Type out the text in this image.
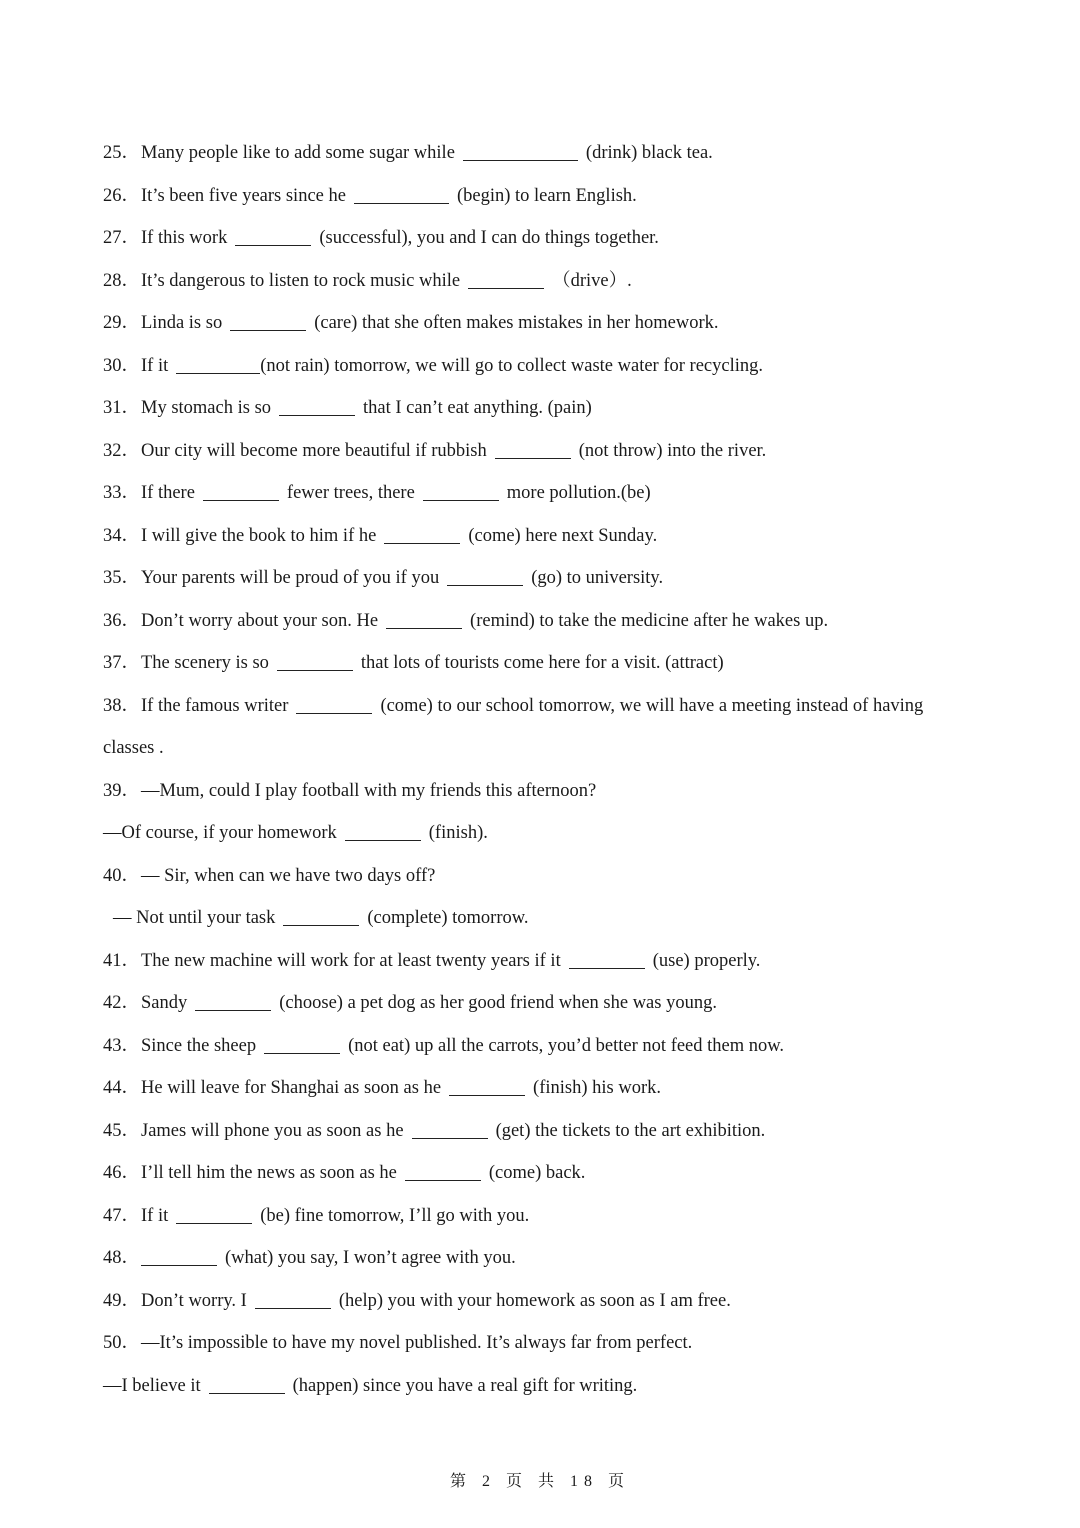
25．Many people like to add some sugar while	(drink) black tea.
26．It’s been five years since he	(begin) to learn English.
27．If this work	(successful), you and I can do things together.
28．It’s dangerous to listen to rock music while	（drive）.
29．Linda is so	(care) that she often makes mistakes in her homework.
30．If it	(not rain) tomorrow, we will go to collect waste water for recycling.
31．My stomach is so	that I can’t eat anything. (pain)
32．Our city will become more beautiful if rubbish	(not throw) into the river.
33．If there	fewer trees, there	more pollution.(be)
34．I will give the book to him if he	(come) here next Sunday.
35．Your parents will be proud of you if you	(go) to university.
36．Don’t worry about your son. He	(remind) to take the medicine after he wakes up.
37．The scenery is so	that lots of tourists come here for a visit. (attract)
38．If the famous writer	(come) to our school tomorrow, we will have a meeting instead of having
classes .
39．—Mum, could I play football with my friends this afternoon?
—Of course, if your homework	(finish).
40．— Sir, when can we have two days off?
— Not until your task	(complete) tomorrow.
41．The new machine will work for at least twenty years if it	(use) properly.
42．Sandy	(choose) a pet dog as her good friend when she was young.
43．Since the sheep	(not eat) up all the carrots, you’d better not feed them now.
44．He will leave for Shanghai as soon as he	(finish) his work.
45．James will phone you as soon as he	(get) the tickets to the art exhibition.
46．I’ll tell him the news as soon as he	(come) back.
47．If it	(be) fine tomorrow, I’ll go with you.
48．	(what) you say, I won’t agree with you.
49．Don’t worry. I	(help) you with your homework as soon as I am free.
50．—It’s impossible to have my novel published. It’s always far from perfect.
—I believe it	(happen) since you have a real gift for writing.
第 2 页 共 18 页
